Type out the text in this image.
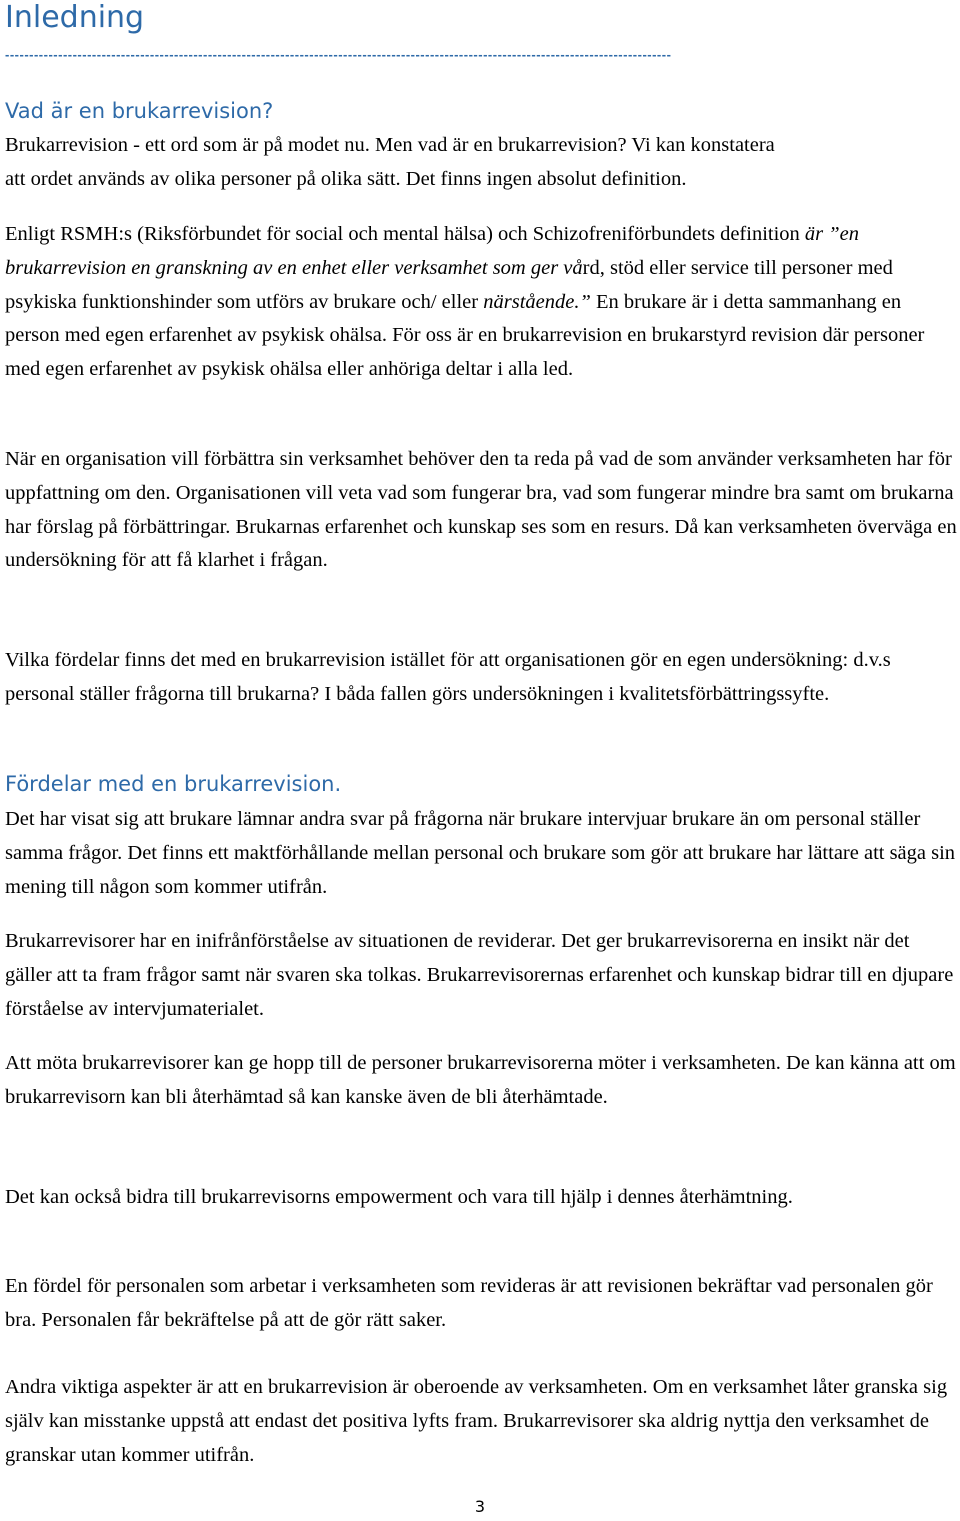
Inledning
------------------------------------------------------------------------------------------------------------------------------------------
Vad är en brukarrevision?

Brukarrevision - ett ord som är på modet nu. Men vad är en brukarrevision? Vi kan konstatera
att ordet används av olika personer på olika sätt. Det finns ingen absolut definition.

Enligt RSMH:s (Riksförbundet för social och mental hälsa) och Schizofreniförbundets definition är ”en brukarrevision en granskning av en enhet eller verksamhet som ger vård, stöd eller service till personer med psykiska funktionshinder som utförs av brukare och/ eller närstående.” En brukare är i detta sammanhang en person med egen erfarenhet av psykisk ohälsa. För oss är en brukarrevision en brukarstyrd revision där personer med egen erfarenhet av psykisk ohälsa eller anhöriga deltar i alla led.

När en organisation vill förbättra sin verksamhet behöver den ta reda på vad de som använder verksamheten har för uppfattning om den. Organisationen vill veta vad som fungerar bra, vad som fungerar mindre bra samt om brukarna har förslag på förbättringar. Brukarnas erfarenhet och kunskap ses som en resurs. Då kan verksamheten överväga en undersökning för att få klarhet i frågan.

Vilka fördelar finns det med en brukarrevision istället för att organisationen gör en egen undersökning: d.v.s personal ställer frågorna till brukarna? I båda fallen görs undersökningen i kvalitetsförbättringssyfte.

Fördelar med en brukarrevision.

Det har visat sig att brukare lämnar andra svar på frågorna när brukare intervjuar brukare än om personal ställer samma frågor. Det finns ett maktförhållande mellan personal och brukare som gör att brukare har lättare att säga sin mening till någon som kommer utifrån.

Brukarrevisorer har en inifrånförståelse av situationen de reviderar. Det ger brukarrevisorerna en insikt när det gäller att ta fram frågor samt när svaren ska tolkas. Brukarrevisorernas erfarenhet och kunskap bidrar till en djupare förståelse av intervjumaterialet.

Att möta brukarrevisorer kan ge hopp till de personer brukarrevisorerna möter i verksamheten. De kan känna att om brukarrevisorn kan bli återhämtad så kan kanske även de bli återhämtade.

Det kan också bidra till brukarrevisorns empowerment och vara till hjälp i dennes återhämtning.

En fördel för personalen som arbetar i verksamheten som revideras är att revisionen bekräftar vad personalen gör bra. Personalen får bekräftelse på att de gör rätt saker.

Andra viktiga aspekter är att en brukarrevision är oberoende av verksamheten. Om en verksamhet låter granska sig själv kan misstanke uppstå att endast det positiva lyfts fram. Brukarrevisorer ska aldrig nyttja den verksamhet de granskar utan kommer utifrån.

3
